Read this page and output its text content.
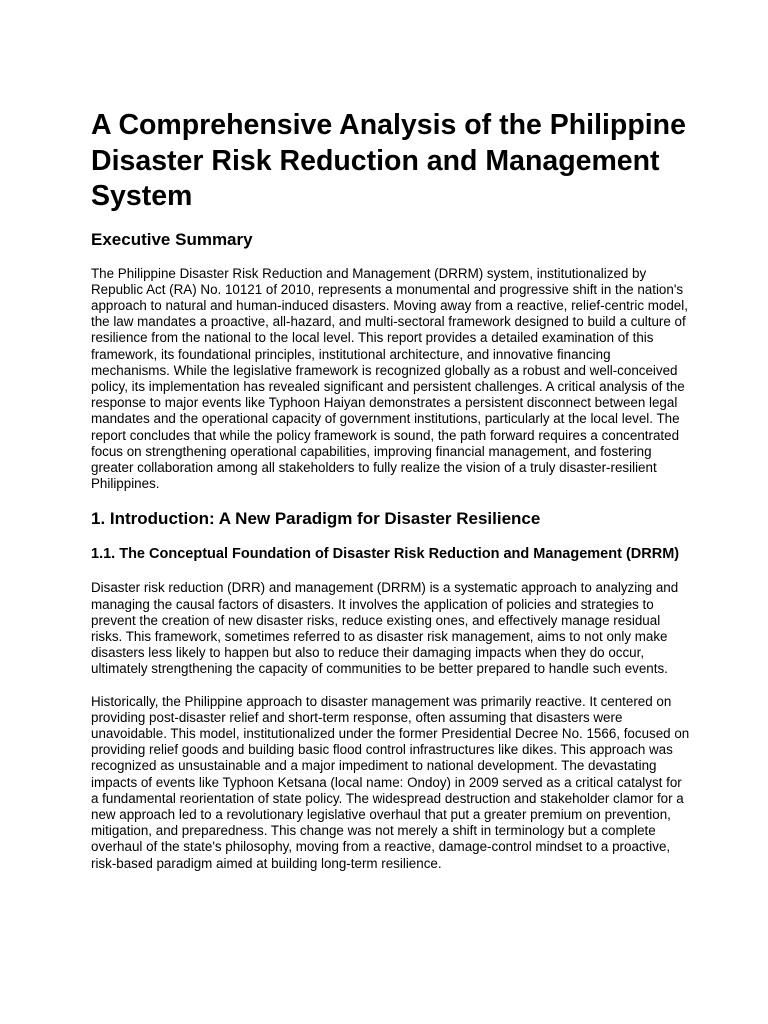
A Comprehensive Analysis of the Philippine Disaster Risk Reduction and Management System
Executive Summary

The Philippine Disaster Risk Reduction and Management (DRRM) system, institutionalized by Republic Act (RA) No. 10121 of 2010, represents a monumental and progressive shift in the nation's approach to natural and human-induced disasters. Moving away from a reactive, relief-centric model, the law mandates a proactive, all-hazard, and multi-sectoral framework designed to build a culture of resilience from the national to the local level. This report provides a detailed examination of this framework, its foundational principles, institutional architecture, and innovative financing mechanisms. While the legislative framework is recognized globally as a robust and well-conceived policy, its implementation has revealed significant and persistent challenges. A critical analysis of the response to major events like Typhoon Haiyan demonstrates a persistent disconnect between legal mandates and the operational capacity of government institutions, particularly at the local level. The report concludes that while the policy framework is sound, the path forward requires a concentrated focus on strengthening operational capabilities, improving financial management, and fostering greater collaboration among all stakeholders to fully realize the vision of a truly disaster-resilient Philippines.

1. Introduction: A New Paradigm for Disaster Resilience
1.1. The Conceptual Foundation of Disaster Risk Reduction and Management (DRRM)

Disaster risk reduction (DRR) and management (DRRM) is a systematic approach to analyzing and managing the causal factors of disasters. It involves the application of policies and strategies to prevent the creation of new disaster risks, reduce existing ones, and effectively manage residual risks. This framework, sometimes referred to as disaster risk management, aims to not only make disasters less likely to happen but also to reduce their damaging impacts when they do occur, ultimately strengthening the capacity of communities to be better prepared to handle such events.

Historically, the Philippine approach to disaster management was primarily reactive. It centered on providing post-disaster relief and short-term response, often assuming that disasters were unavoidable. This model, institutionalized under the former Presidential Decree No. 1566, focused on providing relief goods and building basic flood control infrastructures like dikes. This approach was recognized as unsustainable and a major impediment to national development. The devastating impacts of events like Typhoon Ketsana (local name: Ondoy) in 2009 served as a critical catalyst for a fundamental reorientation of state policy. The widespread destruction and stakeholder clamor for a new approach led to a revolutionary legislative overhaul that put a greater premium on prevention, mitigation, and preparedness. This change was not merely a shift in terminology but a complete overhaul of the state's philosophy, moving from a reactive, damage-control mindset to a proactive, risk-based paradigm aimed at building long-term resilience.
